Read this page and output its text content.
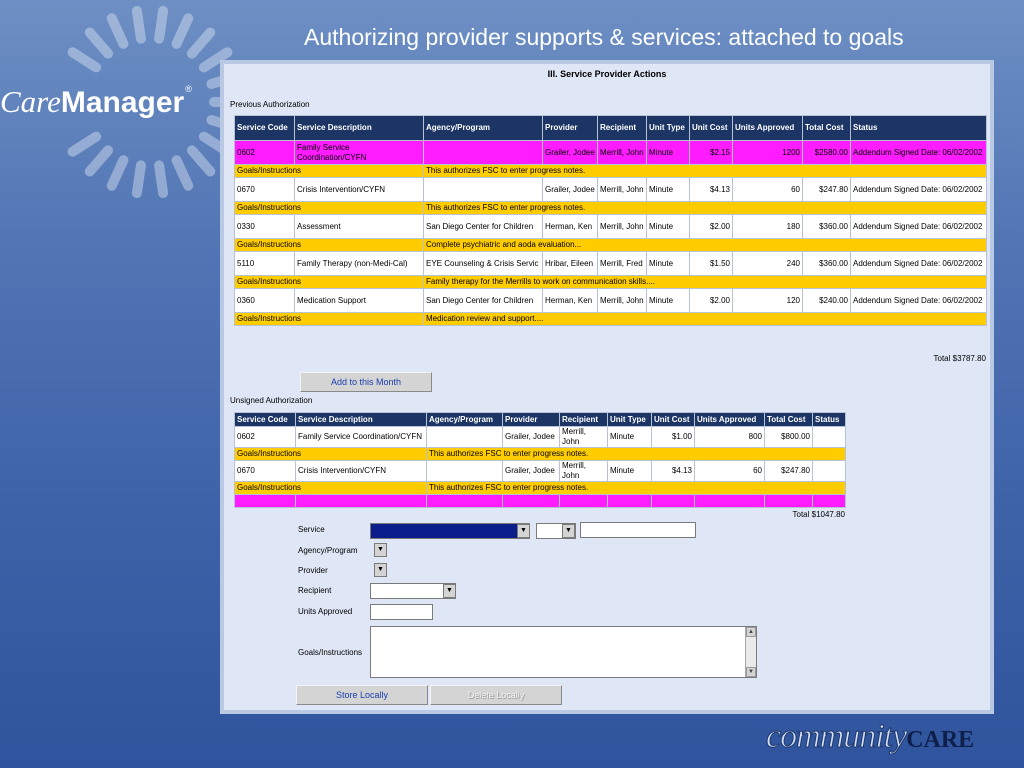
CareManager®
Authorizing provider supports & services: attached to goals
III. Service Provider Actions
Previous Authorization
Service Code	Service Description	Agency/Program	Provider	Recipient	Unit Type	Unit Cost	Units Approved	Total Cost	Status
0602	Family Service Coordination/CYFN		Grailer, Jodee	Merrill, John	Minute	$2.15	1200	$2580.00	Addendum Signed Date: 06/02/2002
Goals/Instructions		This authorizes FSC to enter progress notes.							
0670	Crisis Intervention/CYFN		Grailer, Jodee	Merrill, John	Minute	$4.13	60	$247.80	Addendum Signed Date: 06/02/2002
Goals/Instructions		This authorizes FSC to enter progress notes.							
0330	Assessment	San Diego Center for Children	Herman, Ken	Merrill, John	Minute	$2.00	180	$360.00	Addendum Signed Date: 06/02/2002
Goals/Instructions		Complete psychiatric and aoda evaluation...							
5110	Family Therapy (non-Medi-Cal)	EYE Counseling & Crisis Servic	Hribar, Eileen	Merrill, Fred	Minute	$1.50	240	$360.00	Addendum Signed Date: 06/02/2002
Goals/Instructions		Family therapy for the Merrills to work on communication skills....							
0360	Medication Support	San Diego Center for Children	Herman, Ken	Merrill, John	Minute	$2.00	120	$240.00	Addendum Signed Date: 06/02/2002
Goals/Instructions		Medication review and support....							
Total $3787.80
Add to this Month
Unsigned Authorization
Service Code	Service Description	Agency/Program	Provider	Recipient	Unit Type	Unit Cost	Units Approved	Total Cost	Status
0602	Family Service Coordination/CYFN		Grailer, Jodee	Merrill, John	Minute	$1.00	800	$800.00	
Goals/Instructions		This authorizes FSC to enter progress notes.							
0670	Crisis Intervention/CYFN		Grailer, Jodee	Merrill, John	Minute	$4.13	60	$247.80	
Goals/Instructions		This authorizes FSC to enter progress notes.							

Total $1047.80
Service	▼	▼
Agency/Program	▼
Provider	▼
Recipient	▼
Units Approved
Goals/Instructions
▲
▼
Store Locally	Delete Locally
communityCARE
